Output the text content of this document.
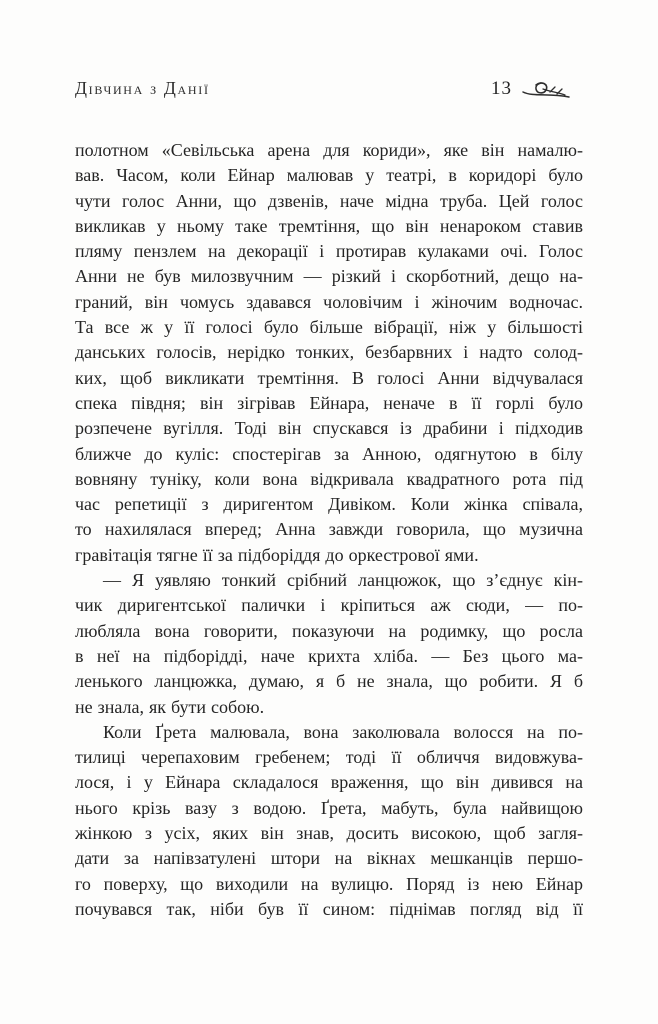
Дівчина з Данії	13
полотном «Севільська арена для кориди», яке він намалю-
вав. Часом, коли Ейнар малював у театрі, в коридорі було
чути голос Анни, що дзвенів, наче мідна труба. Цей голос
викликав у ньому таке тремтіння, що він ненароком ставив
пляму пензлем на декорації і протирав кулаками очі. Голос
Анни не був милозвучним — різкий і скорботний, дещо на-
граний, він чомусь здавався чоловічим і жіночим водночас.
Та все ж у її голосі було більше вібрації, ніж у більшості
данських голосів, нерідко тонких, безбарвних і надто солод-
ких, щоб викликати тремтіння. В голосі Анни відчувалася
спека півдня; він зігрівав Ейнара, неначе в її горлі було
розпечене вугілля. Тоді він спускався із драбини і підходив
ближче до куліс: спостерігав за Анною, одягнутою в білу
вовняну туніку, коли вона відкривала квадратного рота під
час репетиції з диригентом Дивіком. Коли жінка співала,
то нахилялася вперед; Анна завжди говорила, що музична
гравітація тягне її за підборіддя до оркестрової ями.
— Я уявляю тонкий срібний ланцюжок, що з’єднує кін-
чик диригентської палички і кріпиться аж сюди, — по-
любляла вона говорити, показуючи на родимку, що росла
в неї на підборідді, наче крихта хліба. — Без цього ма-
ленького ланцюжка, думаю, я б не знала, що робити. Я б
не знала, як бути собою.
Коли Ґрета малювала, вона заколювала волосся на по-
тилиці черепаховим гребенем; тоді її обличчя видовжува-
лося, і у Ейнара складалося враження, що він дивився на
нього крізь вазу з водою. Ґрета, мабуть, була найвищою
жінкою з усіх, яких він знав, досить високою, щоб загля-
дати за напівзатулені штори на вікнах мешканців першо-
го поверху, що виходили на вулицю. Поряд із нею Ейнар
почувався так, ніби був її сином: піднімав погляд від її
